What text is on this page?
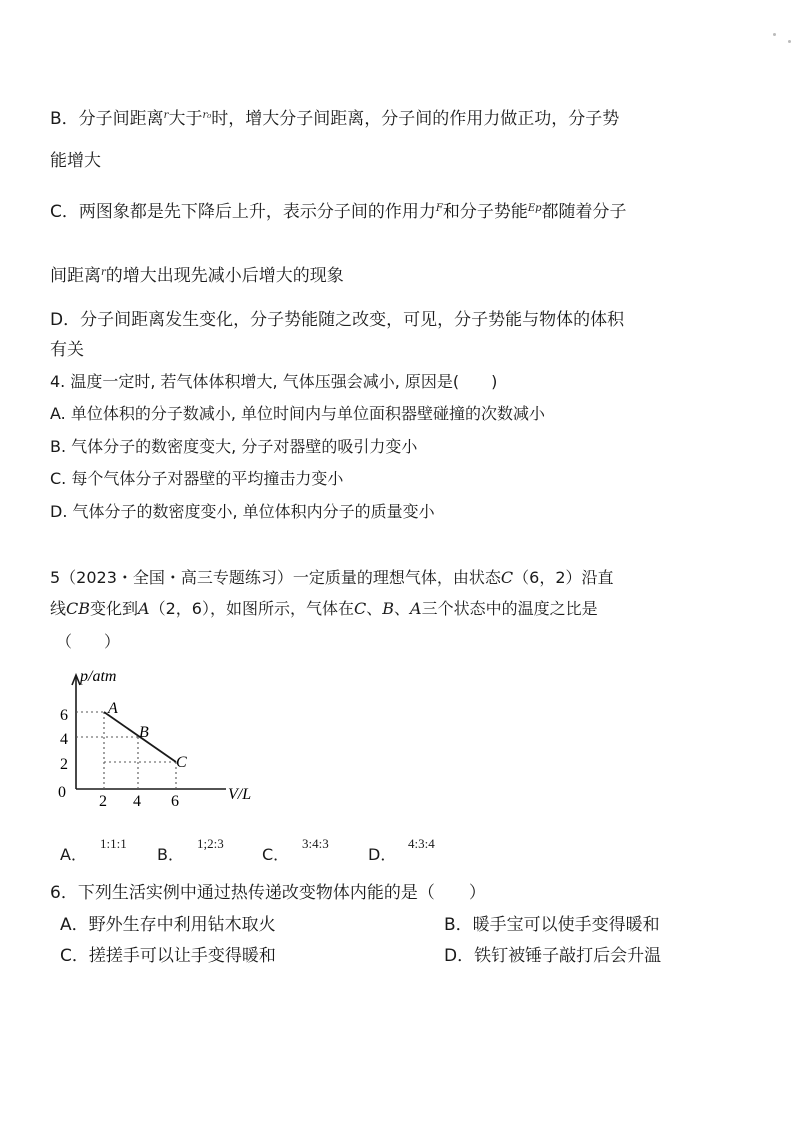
B．分子间距离$^r$大于$^{r_0}$时，增大分子间距离，分子间的作用力做正功，分子势
能增大
C．两图象都是先下降后上升，表示分子间的作用力$^F$和分子势能$^{Ep}$都随着分子
间距离$^r$的增大出现先减小后增大的现象
D．分子间距离发生变化，分子势能随之改变，可见，分子势能与物体的体积
有关
4. 温度一定时, 若气体体积增大, 气体压强会减小, 原因是(　　)
A. 单位体积的分子数减小, 单位时间内与单位面积器壁碰撞的次数减小
B. 气体分子的数密度变大, 分子对器壁的吸引力变小
C. 每个气体分子对器壁的平均撞击力变小
D. 气体分子的数密度变小, 单位体积内分子的质量变小
5（2023・全国・高三专题练习）一定质量的理想气体，由状态C（6，2）沿直
线CB变化到A（2，6），如图所示，气体在C、B、A三个状态中的温度之比是
（　　）
p/atm
V/L
0
6
4
2
2 4 6
A
B
C
A．
1:1:1
B．
1;2:3
C．
3:4:3
D．
4:3:4
6．下列生活实例中通过热传递改变物体内能的是（　　）
A．野外生存中利用钻木取火	B．暖手宝可以使手变得暖和
C．搓搓手可以让手变得暖和	D．铁钉被锤子敲打后会升温
